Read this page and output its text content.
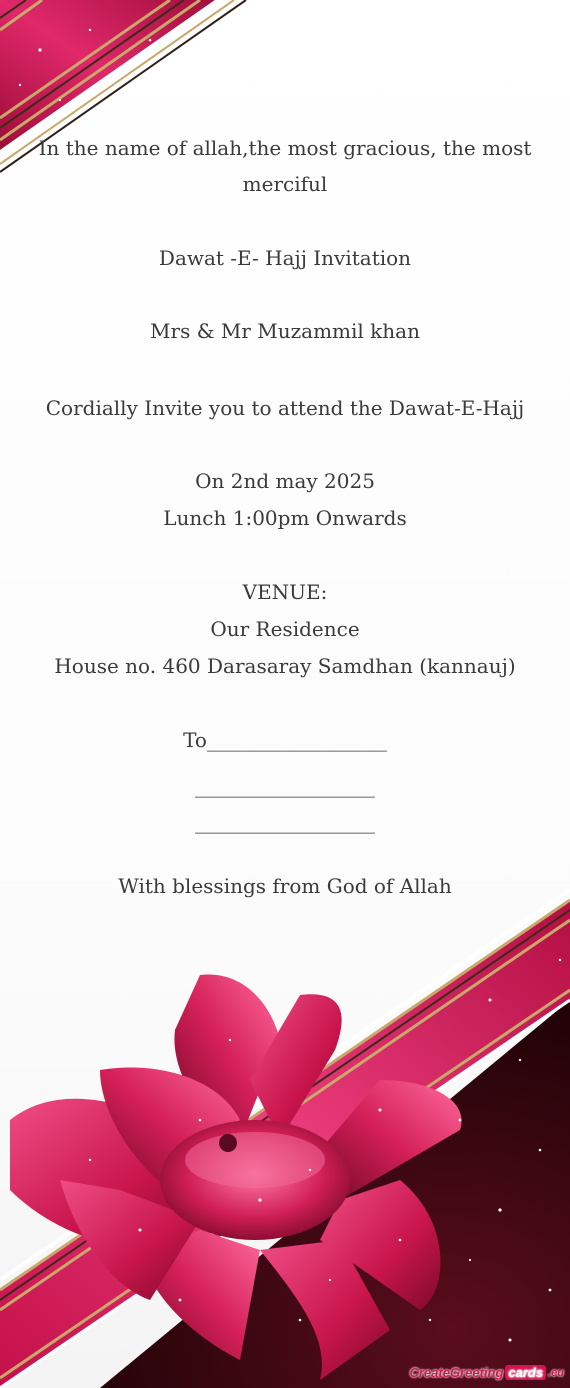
In the name of allah,the most gracious, the most merciful
Dawat -E- Hajj Invitation
Mrs & Mr Muzammil khan
Cordially Invite you to attend the Dawat-E-Hajj
On 2nd may 2025
Lunch 1:00pm Onwards
VENUE:
Our Residence
House no. 460 Darasaray Samdhan (kannauj)
To__________________
__________________
__________________
With blessings from God of Allah
CreateGreeting cards .eu
